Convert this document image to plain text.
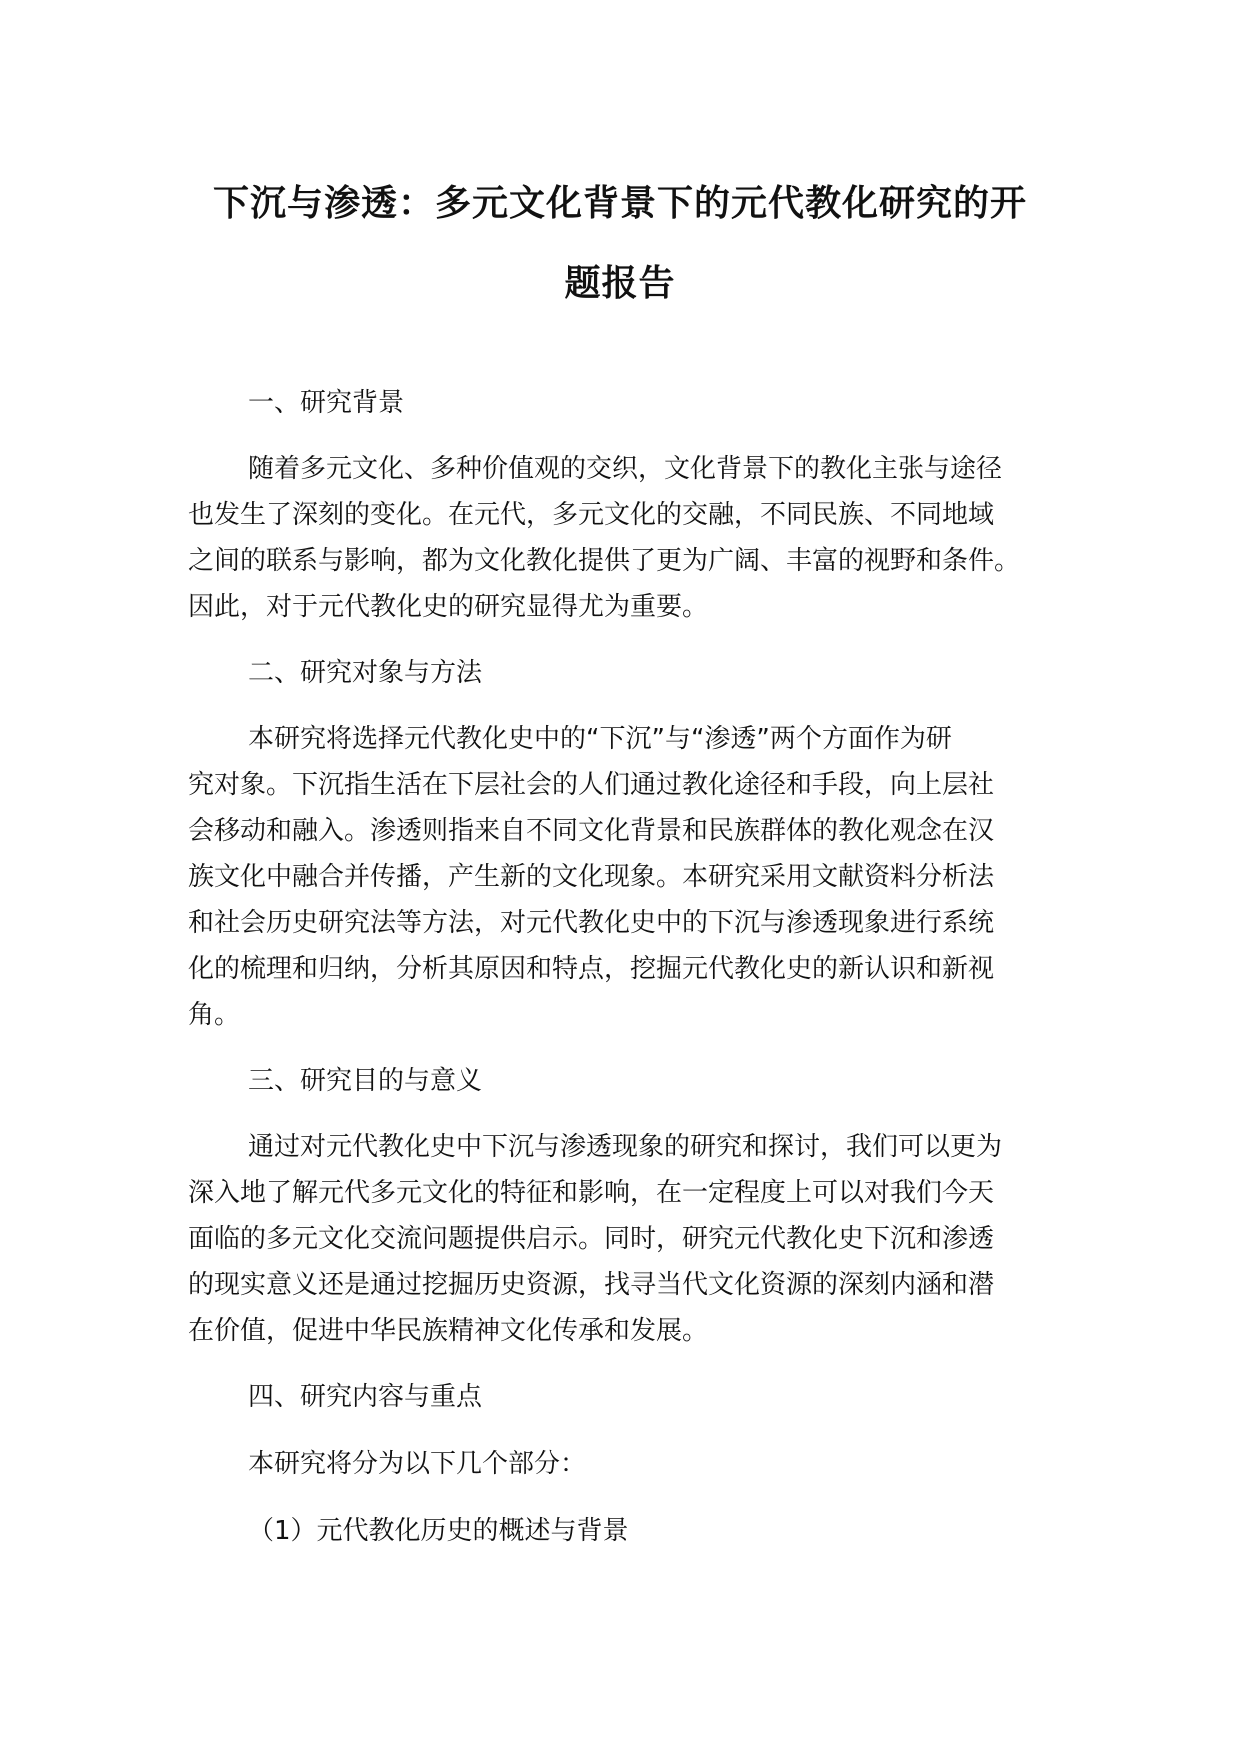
下沉与渗透：多元文化背景下的元代教化研究的开
题报告
一、研究背景

随着多元文化、多种价值观的交织，文化背景下的教化主张与途径
也发生了深刻的变化。在元代，多元文化的交融，不同民族、不同地域
之间的联系与影响，都为文化教化提供了更为广阔、丰富的视野和条件。
因此，对于元代教化史的研究显得尤为重要。

二、研究对象与方法

本研究将选择元代教化史中的“下沉”与“渗透”两个方面作为研
究对象。下沉指生活在下层社会的人们通过教化途径和手段，向上层社
会移动和融入。渗透则指来自不同文化背景和民族群体的教化观念在汉
族文化中融合并传播，产生新的文化现象。本研究采用文献资料分析法
和社会历史研究法等方法，对元代教化史中的下沉与渗透现象进行系统
化的梳理和归纳，分析其原因和特点，挖掘元代教化史的新认识和新视
角。

三、研究目的与意义

通过对元代教化史中下沉与渗透现象的研究和探讨，我们可以更为
深入地了解元代多元文化的特征和影响，在一定程度上可以对我们今天
面临的多元文化交流问题提供启示。同时，研究元代教化史下沉和渗透
的现实意义还是通过挖掘历史资源，找寻当代文化资源的深刻内涵和潜
在价值，促进中华民族精神文化传承和发展。

四、研究内容与重点

本研究将分为以下几个部分：

（1）元代教化历史的概述与背景
